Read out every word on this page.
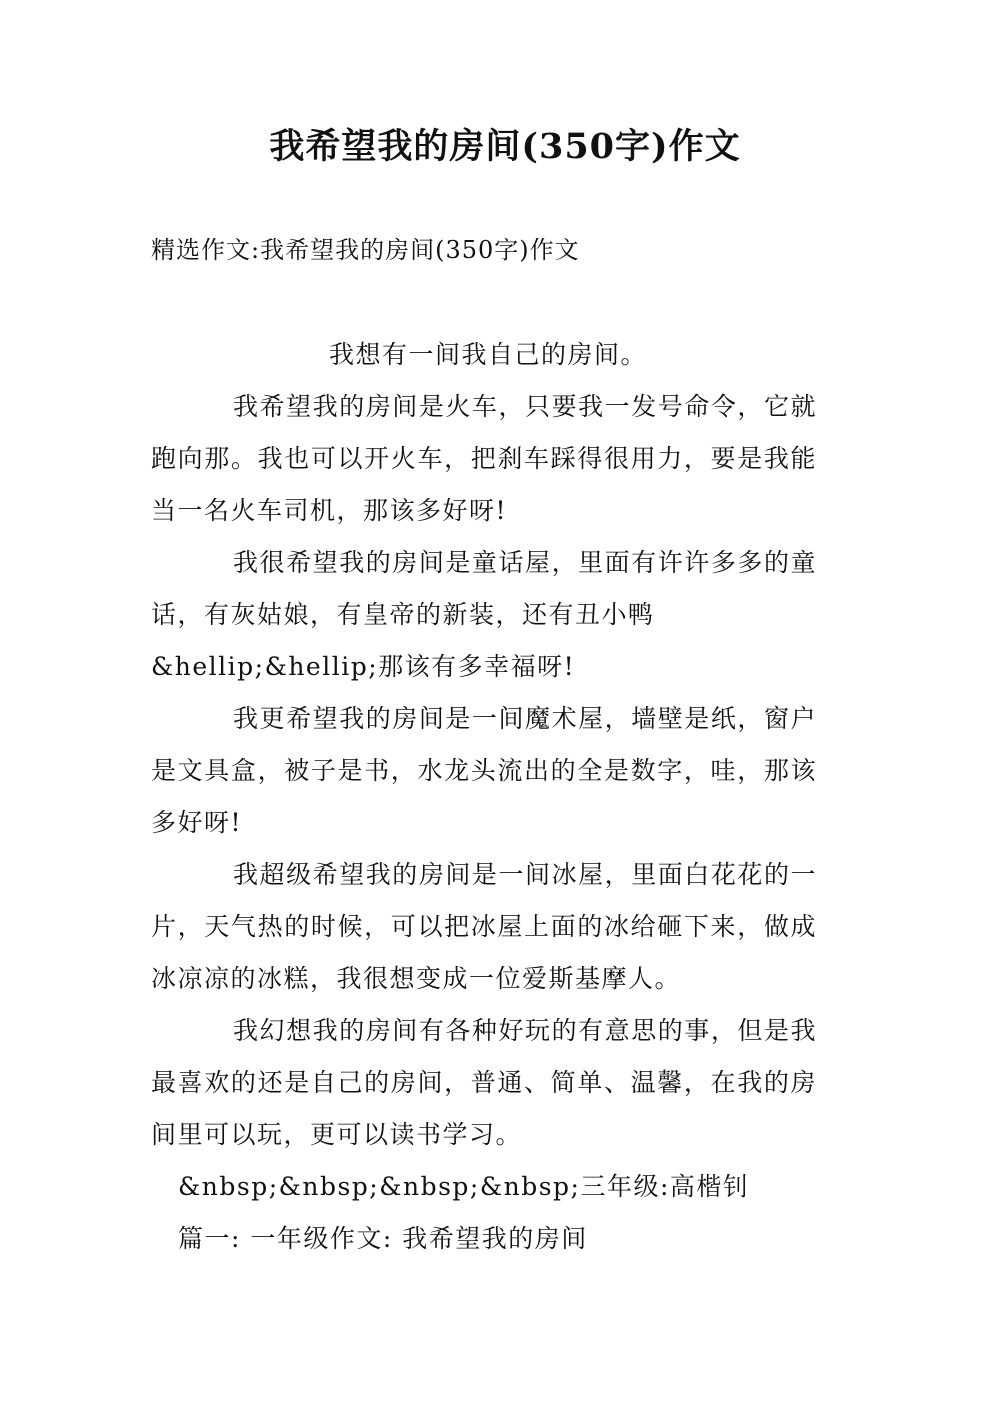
我希望我的房间(350字)作文
精选作文:我希望我的房间(350字)作文
我想有一间我自己的房间。
我希望我的房间是火车，只要我一发号命令，它就
跑向那。我也可以开火车，把刹车踩得很用力，要是我能
当一名火车司机，那该多好呀!
我很希望我的房间是童话屋，里面有许许多多的童
话，有灰姑娘，有皇帝的新装，还有丑小鸭
&hellip;&hellip;那该有多幸福呀!
我更希望我的房间是一间魔术屋，墙壁是纸，窗户
是文具盒，被子是书，水龙头流出的全是数字，哇，那该
多好呀!
我超级希望我的房间是一间冰屋，里面白花花的一
片，天气热的时候，可以把冰屋上面的冰给砸下来，做成
冰凉凉的冰糕，我很想变成一位爱斯基摩人。
我幻想我的房间有各种好玩的有意思的事，但是我
最喜欢的还是自己的房间，普通、简单、温馨，在我的房
间里可以玩，更可以读书学习。
&nbsp;&nbsp;&nbsp;&nbsp;三年级:高楷钊
篇一: 一年级作文: 我希望我的房间
